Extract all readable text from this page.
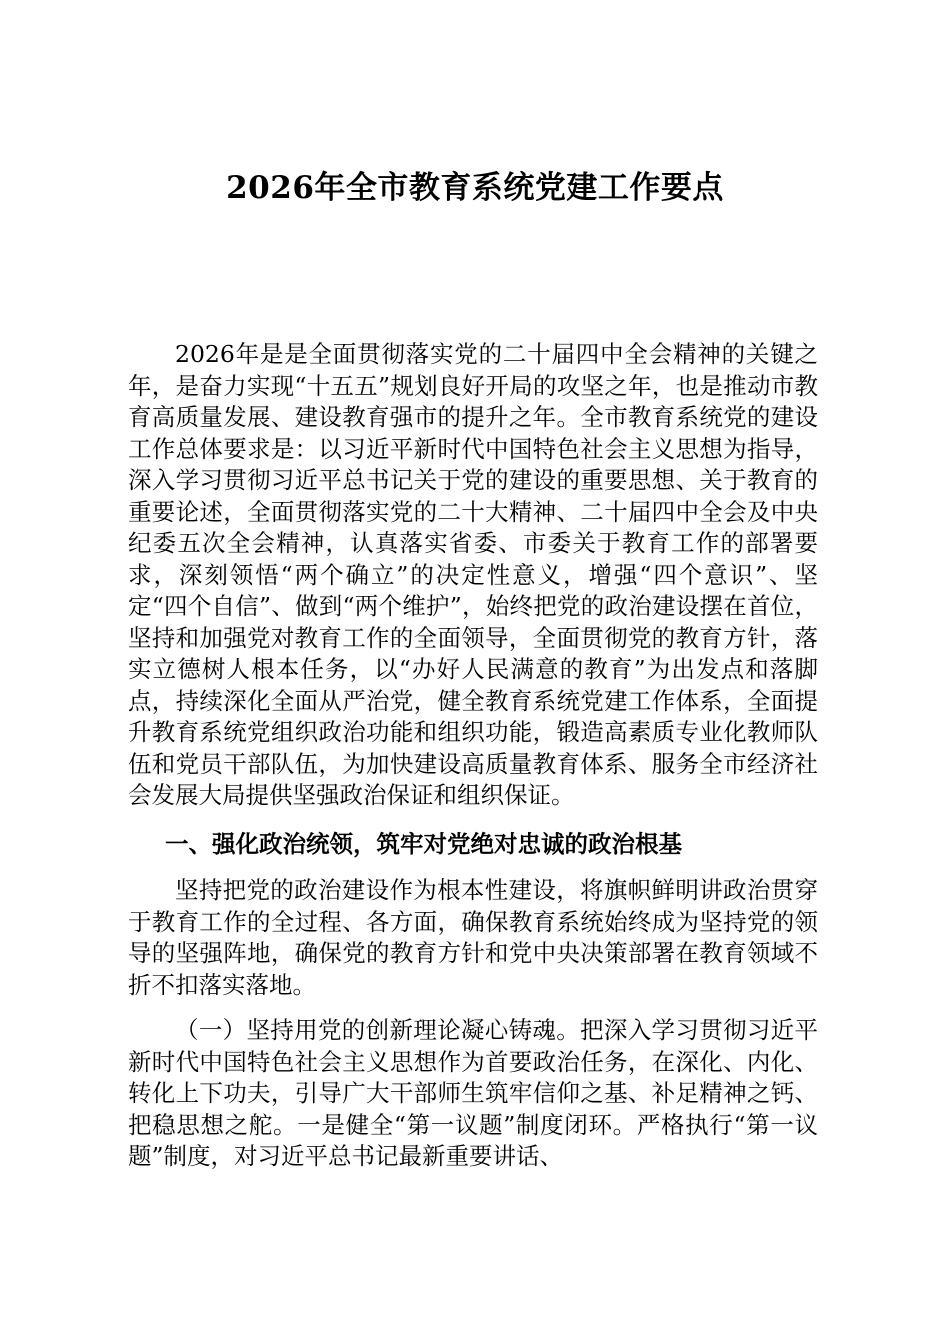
2026年全市教育系统党建工作要点

2026年是是全面贯彻落实党的二十届四中全会精神的关键之年，是奋力实现“十五五”规划良好开局的攻坚之年，也是推动市教育高质量发展、建设教育强市的提升之年。全市教育系统党的建设工作总体要求是：以习近平新时代中国特色社会主义思想为指导，深入学习贯彻习近平总书记关于党的建设的重要思想、关于教育的重要论述，全面贯彻落实党的二十大精神、二十届四中全会及中央纪委五次全会精神，认真落实省委、市委关于教育工作的部署要求，深刻领悟“两个确立”的决定性意义，增强“四个意识”、坚定“四个自信”、做到“两个维护”，始终把党的政治建设摆在首位，坚持和加强党对教育工作的全面领导，全面贯彻党的教育方针，落实立德树人根本任务，以“办好人民满意的教育”为出发点和落脚点，持续深化全面从严治党，健全教育系统党建工作体系，全面提升教育系统党组织政治功能和组织功能，锻造高素质专业化教师队伍和党员干部队伍，为加快建设高质量教育体系、服务全市经济社会发展大局提供坚强政治保证和组织保证。

一、强化政治统领，筑牢对党绝对忠诚的政治根基

坚持把党的政治建设作为根本性建设，将旗帜鲜明讲政治贯穿于教育工作的全过程、各方面，确保教育系统始终成为坚持党的领导的坚强阵地，确保党的教育方针和党中央决策部署在教育领域不折不扣落实落地。

（一）坚持用党的创新理论凝心铸魂。把深入学习贯彻习近平新时代中国特色社会主义思想作为首要政治任务，在深化、内化、转化上下功夫，引导广大干部师生筑牢信仰之基、补足精神之钙、把稳思想之舵。一是健全“第一议题”制度闭环。严格执行“第一议题”制度，对习近平总书记最新重要讲话、
